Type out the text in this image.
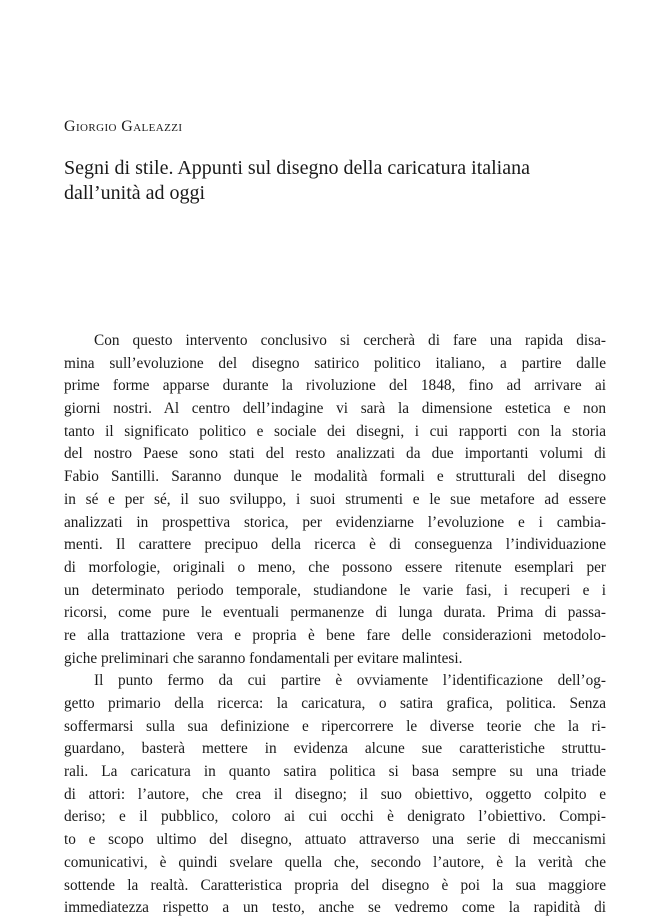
Giorgio Galeazzi
Segni di stile. Appunti sul disegno della caricatura italiana
dall’unità ad oggi
Con questo intervento conclusivo si cercherà di fare una rapida disa-
mina sull’evoluzione del disegno satirico politico italiano, a partire dalle
prime forme apparse durante la rivoluzione del 1848, fino ad arrivare ai
giorni nostri. Al centro dell’indagine vi sarà la dimensione estetica e non
tanto il significato politico e sociale dei disegni, i cui rapporti con la storia
del nostro Paese sono stati del resto analizzati da due importanti volumi di
Fabio Santilli. Saranno dunque le modalità formali e strutturali del disegno
in sé e per sé, il suo sviluppo, i suoi strumenti e le sue metafore ad essere
analizzati in prospettiva storica, per evidenziarne l’evoluzione e i cambia-
menti. Il carattere precipuo della ricerca è di conseguenza l’individuazione
di morfologie, originali o meno, che possono essere ritenute esemplari per
un determinato periodo temporale, studiandone le varie fasi, i recuperi e i
ricorsi, come pure le eventuali permanenze di lunga durata. Prima di passa-
re alla trattazione vera e propria è bene fare delle considerazioni metodolo-
giche preliminari che saranno fondamentali per evitare malintesi.
Il punto fermo da cui partire è ovviamente l’identificazione dell’og-
getto primario della ricerca: la caricatura, o satira grafica, politica. Senza
soffermarsi sulla sua definizione e ripercorrere le diverse teorie che la ri-
guardano, basterà mettere in evidenza alcune sue caratteristiche struttu-
rali. La caricatura in quanto satira politica si basa sempre su una triade
di attori: l’autore, che crea il disegno; il suo obiettivo, oggetto colpito e
deriso; e il pubblico, coloro ai cui occhi è denigrato l’obiettivo. Compi-
to e scopo ultimo del disegno, attuato attraverso una serie di meccanismi
comunicativi, è quindi svelare quella che, secondo l’autore, è la verità che
sottende la realtà. Caratteristica propria del disegno è poi la sua maggiore
immediatezza rispetto a un testo, anche se vedremo come la rapidità di
